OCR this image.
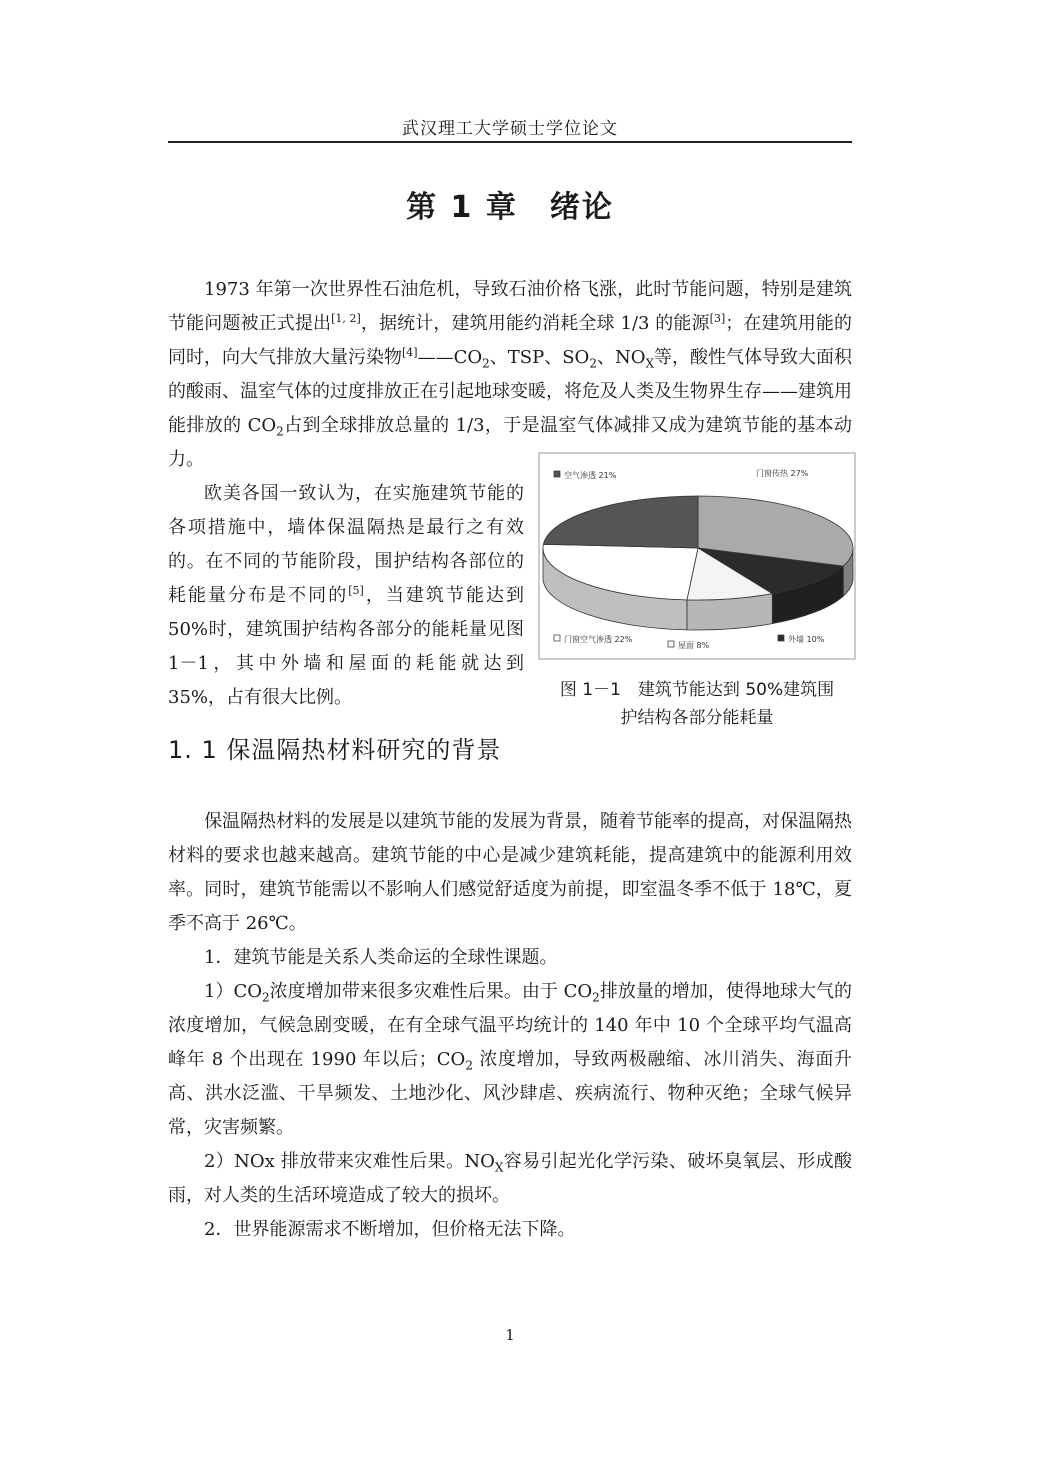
武汉理工大学硕士学位论文
第 1 章　绪论

1973 年第一次世界性石油危机，导致石油价格飞涨，此时节能问题，特别是建筑节能问题被正式提出[1, 2]，据统计，建筑用能约消耗全球 1/3 的能源[3]；在建筑用能的同时，向大气排放大量污染物$[4]——CO_2$、TSP、$SO_2$、$NO_X$等，酸性气体导致大面积的酸雨、温室气体的过度排放正在引起地球变暖，将危及人类及生物界生存——建筑用能排放的 $CO_2$占到全球排放总量的 1/3，于是温室气体减排又成为建筑节能的基本动力。

欧美各国一致认为，在实施建筑节能的各项措施中，墙体保温隔热是最行之有效的。在不同的节能阶段，围护结构各部位的耗能量分布是不同的[5]，当建筑节能达到 50%时，建筑围护结构各部分的能耗量见图 1－1，其中外墙和屋面的耗能就达到 35%，占有很大比例。

门窗传热 27%
外墙 10%
屋面 8%
门窗空气渗透 22%
空气渗透 21%
图 1－1　建筑节能达到 50%建筑围
护结构各部分能耗量
1. 1 保温隔热材料研究的背景

保温隔热材料的发展是以建筑节能的发展为背景，随着节能率的提高，对保温隔热材料的要求也越来越高。建筑节能的中心是减少建筑耗能，提高建筑中的能源利用效率。同时，建筑节能需以不影响人们感觉舒适度为前提，即室温冬季不低于 18℃，夏季不高于 26℃。

1．建筑节能是关系人类命运的全球性课题。

$1)CO_2$浓度增加带来很多灾难性后果。由于 $CO_2$排放量的增加，使得地球大气的浓度增加，气候急剧变暖，在有全球气温平均统计的 140 年中 10 个全球平均气温高峰年 8 个出现在 1990 年以后；$CO_2$ 浓度增加，导致两极融缩、冰川消失、海面升高、洪水泛滥、干旱频发、土地沙化、风沙肆虐、疾病流行、物种灭绝；全球气候异常，灾害频繁。

2）NOx 排放带来灾难性后果。$NO_X$容易引起光化学污染、破坏臭氧层、形成酸雨，对人类的生活环境造成了较大的损坏。

2．世界能源需求不断增加，但价格无法下降。

1
